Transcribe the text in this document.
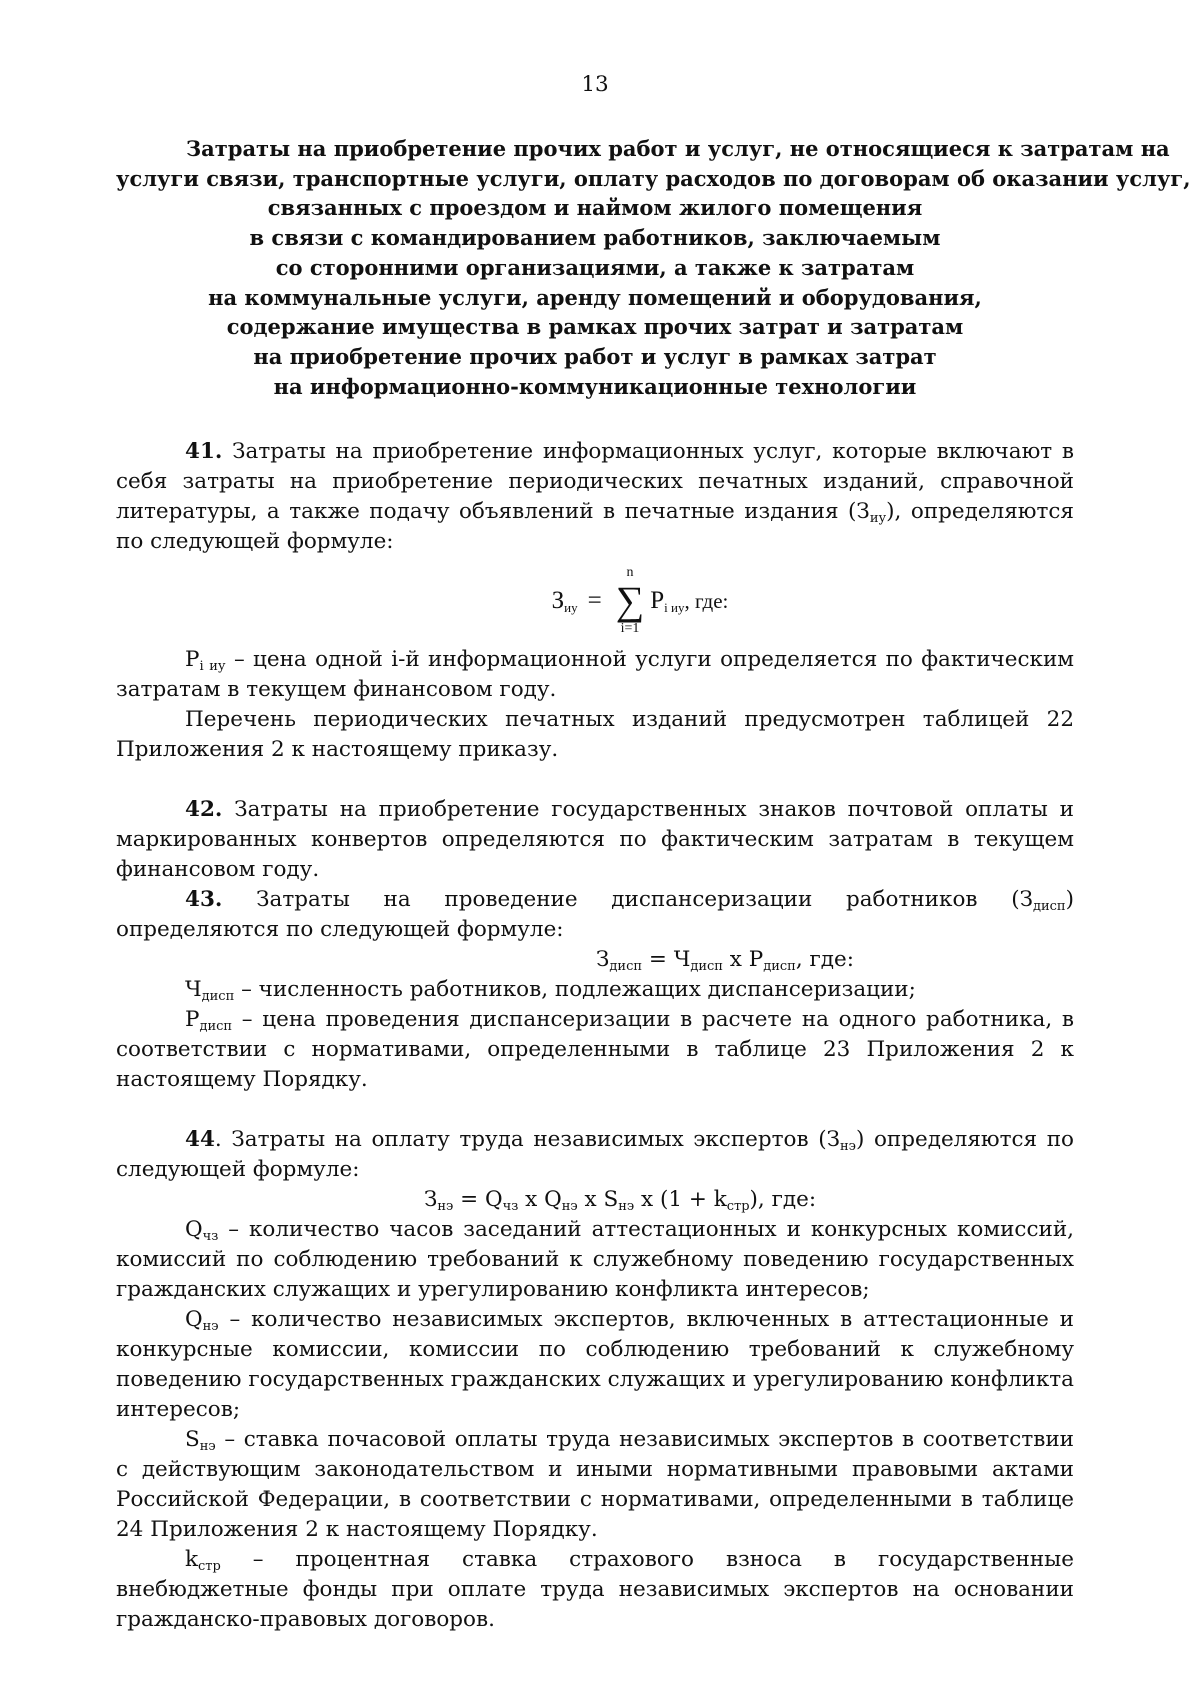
13
Затраты на приобретение прочих работ и услуг, не относящиеся к затратам на
услуги связи, транспортные услуги, оплату расходов по договорам об оказании услуг,
связанных с проездом и наймом жилого помещения
в связи с командированием работников, заключаемым
со сторонними организациями, а также к затратам
на коммунальные услуги, аренду помещений и оборудования,
содержание имущества в рамках прочих затрат и затратам
на приобретение прочих работ и услуг в рамках затрат
на информационно-коммуникационные технологии

41. Затраты на приобретение информационных услуг, которые включают в себя затраты на приобретение периодических печатных изданий, справочной литературы, а также подачу объявлений в печатные издания $(З_{иу})$, определяются по следующей формуле:

$З_{иу}$ =
n
∑
i=1
$P_{i иу}$ , где:

$P_{i иу}$ – цена одной i-й информационной услуги определяется по фактическим затратам в текущем финансовом году.

Перечень периодических печатных изданий предусмотрен таблицей 22 Приложения 2 к настоящему приказу.

42. Затраты на приобретение государственных знаков почтовой оплаты и маркированных конвертов определяются по фактическим затратам в текущем финансовом году.

43. Затраты на проведение диспансеризации работников $(З_{дисп})$ определяются по следующей формуле:

$З_{дисп} = Ч_{дисп}$ x $P_{дисп}$, где:

$Ч_{дисп}$ – численность работников, подлежащих диспансеризации;

$P_{дисп}$ – цена проведения диспансеризации в расчете на одного работника, в соответствии с нормативами, определенными в таблице 23 Приложения 2 к настоящему Порядку.

44. Затраты на оплату труда независимых экспертов $(З_{нэ})$ определяются по следующей формуле:

$З_{нэ} = Q_{чз}$ x $Q_{нэ}$ x $S_{нэ}$ x $(1 + k_{стр})$, где:

$Q_{чз}$ – количество часов заседаний аттестационных и конкурсных комиссий, комиссий по соблюдению требований к служебному поведению государственных гражданских служащих и урегулированию конфликта интересов;

$Q_{нэ}$ – количество независимых экспертов, включенных в аттестационные и конкурсные комиссии, комиссии по соблюдению требований к служебному поведению государственных гражданских служащих и урегулированию конфликта интересов;

$S_{нэ}$ – ставка почасовой оплаты труда независимых экспертов в соответствии с действующим законодательством и иными нормативными правовыми актами Российской Федерации, в соответствии с нормативами, определенными в таблице 24 Приложения 2 к настоящему Порядку.

$k_{стр}$ – процентная ставка страхового взноса в государственные внебюджетные фонды при оплате труда независимых экспертов на основании гражданско-правовых договоров.
